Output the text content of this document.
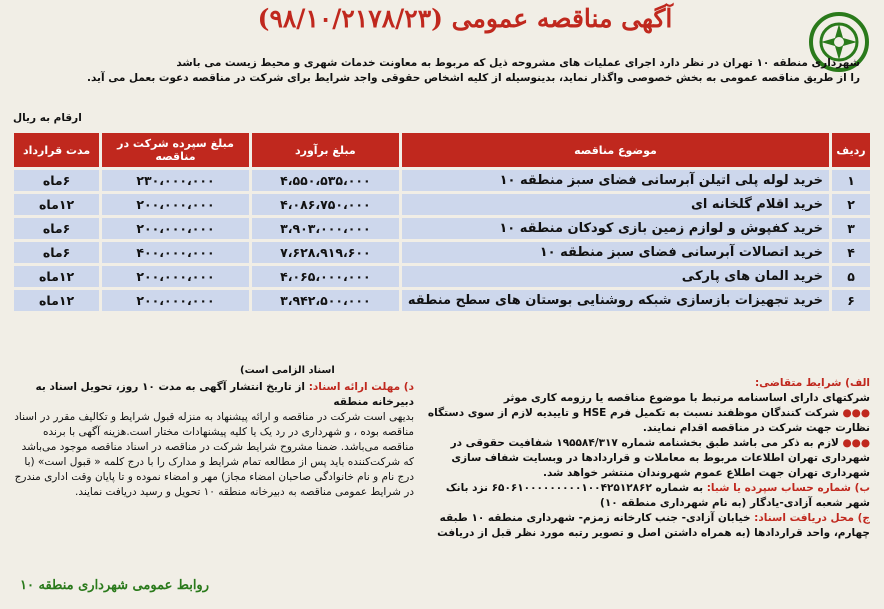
آگهی مناقصه عمومی (۹۸/۱۰/۲۱۷۸/۲۳)
شهرداری منطقه ۱۰ تهران در نظر دارد اجرای عملیات های مشروحه ذیل که مربوط به معاونت خدمات شهری و محیط زیست می باشد
را از طریق مناقصه عمومی به بخش خصوصی واگذار نماید، بدینوسیله از کلیه اشخاص حقوقی واجد شرایط برای شرکت در مناقصه دعوت بعمل می آید.
ارقام به ریال
ردیف	موضوع مناقصه	مبلغ برآورد	مبلغ سپرده شرکت در مناقصه	مدت قرارداد
۱	خرید لوله پلی اتیلن آبرسانی فضای سبز منطقه ۱۰	۴،۵۵۰،۵۳۵،۰۰۰	۲۳۰،۰۰۰،۰۰۰	۶ماه
۲	خرید اقلام گلخانه ای	۴،۰۸۶،۷۵۰،۰۰۰	۲۰۰،۰۰۰،۰۰۰	۱۲ماه
۳	خرید کفپوش و لوازم زمین بازی کودکان منطقه ۱۰	۳،۹۰۳،۰۰۰،۰۰۰	۲۰۰،۰۰۰،۰۰۰	۶ماه
۴	خرید اتصالات آبرسانی فضای سبز منطقه ۱۰	۷،۶۲۸،۹۱۹،۶۰۰	۴۰۰،۰۰۰،۰۰۰	۶ماه
۵	خرید المان های پارکی	۴،۰۶۵،۰۰۰،۰۰۰	۲۰۰،۰۰۰،۰۰۰	۱۲ماه
۶	خرید تجهیزات بازسازی شبکه روشنایی بوستان های سطح منطقه	۳،۹۴۲،۵۰۰،۰۰۰	۲۰۰،۰۰۰،۰۰۰	۱۲ماه
اسناد الزامی است)

الف) شرایط متقاضی:

شرکتهای دارای اساسنامه مرتبط با موضوع مناقصه یا رزومه کاری موثر

●●● شرکت کنندگان موظفند نسبت به تکمیل فرم HSE و تاییدیه لازم از سوی دستگاه نظارت جهت شرکت در مناقصه اقدام نمایند.

●●● لازم به ذکر می باشد طبق بخشنامه شماره ۱۹۵۵۸۴/۳۱۷ شفافیت حقوقی در شهرداری تهران اطلاعات مربوط به معاملات و قراردادها در وبسایت شفاف سازی شهرداری تهران جهت اطلاع عموم شهروندان منتشر خواهد شد.

ب) شماره حساب سپرده یا شبا: به شماره ۶۵۰۶۱۰۰۰۰۰۰۰۰۰۱۰۰۴۲۵۱۲۸۶۲ نزد بانک شهر شعبه آزادی-یادگار (به نام شهرداری منطقه ۱۰)

ج) محل دریافت اسناد: خیابان آزادی- جنب کارخانه زمزم- شهرداری منطقه ۱۰ طبقه چهارم، واحد قراردادها (به همراه داشتن اصل و تصویر رتبه مورد نظر قبل از دریافت

د) مهلت ارائه اسناد: از تاریخ انتشار آگهی به مدت ۱۰ روز، تحویل اسناد به دبیرخانه منطقه

بدیهی است شرکت در مناقصه و ارائه پیشنهاد به منزله قبول شرایط و تکالیف مقرر در اسناد مناقصه بوده ، و شهرداری در رد یک یا کلیه پیشنهادات مختار است.هزینه آگهی با برنده مناقصه می‌باشد. ضمنا مشروح شرایط شرکت در مناقصه در اسناد مناقصه موجود می‌باشد که شرکت‌کننده باید پس از مطالعه تمام شرایط و مدارک را با درج کلمه « قبول است» (با درج نام و نام خانوادگی صاحبان امضاء مجاز) مهر و امضاء نموده و تا پایان وقت اداری مندرج در شرایط عمومی مناقصه به دبیرخانه منطقه ۱۰ تحویل و رسید دریافت نمایند.

روابط عمومی شهرداری منطقه ۱۰
